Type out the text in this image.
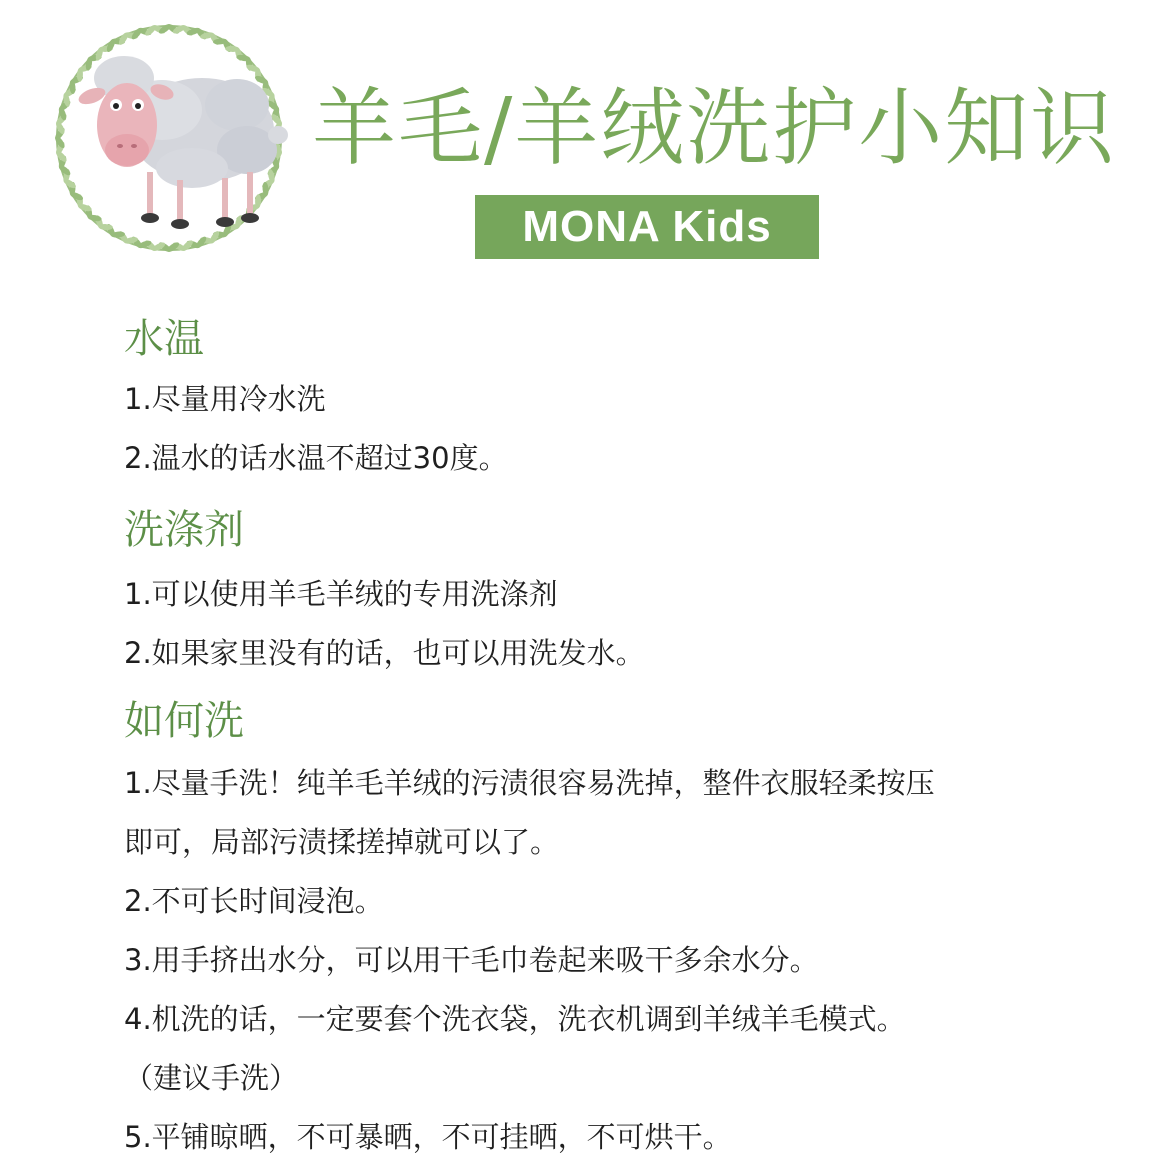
羊毛/羊绒洗护小知识
MONA Kids
水温
1.尽量用冷水洗
2.温水的话水温不超过30度。
洗涤剂
1.可以使用羊毛羊绒的专用洗涤剂
2.如果家里没有的话，也可以用洗发水。
如何洗
1.尽量手洗！纯羊毛羊绒的污渍很容易洗掉，整件衣服轻柔按压
即可，局部污渍揉搓掉就可以了。
2.不可长时间浸泡。
3.用手挤出水分，可以用干毛巾卷起来吸干多余水分。
4.机洗的话，一定要套个洗衣袋，洗衣机调到羊绒羊毛模式。
（建议手洗）
5.平铺晾晒，不可暴晒，不可挂晒，不可烘干。
